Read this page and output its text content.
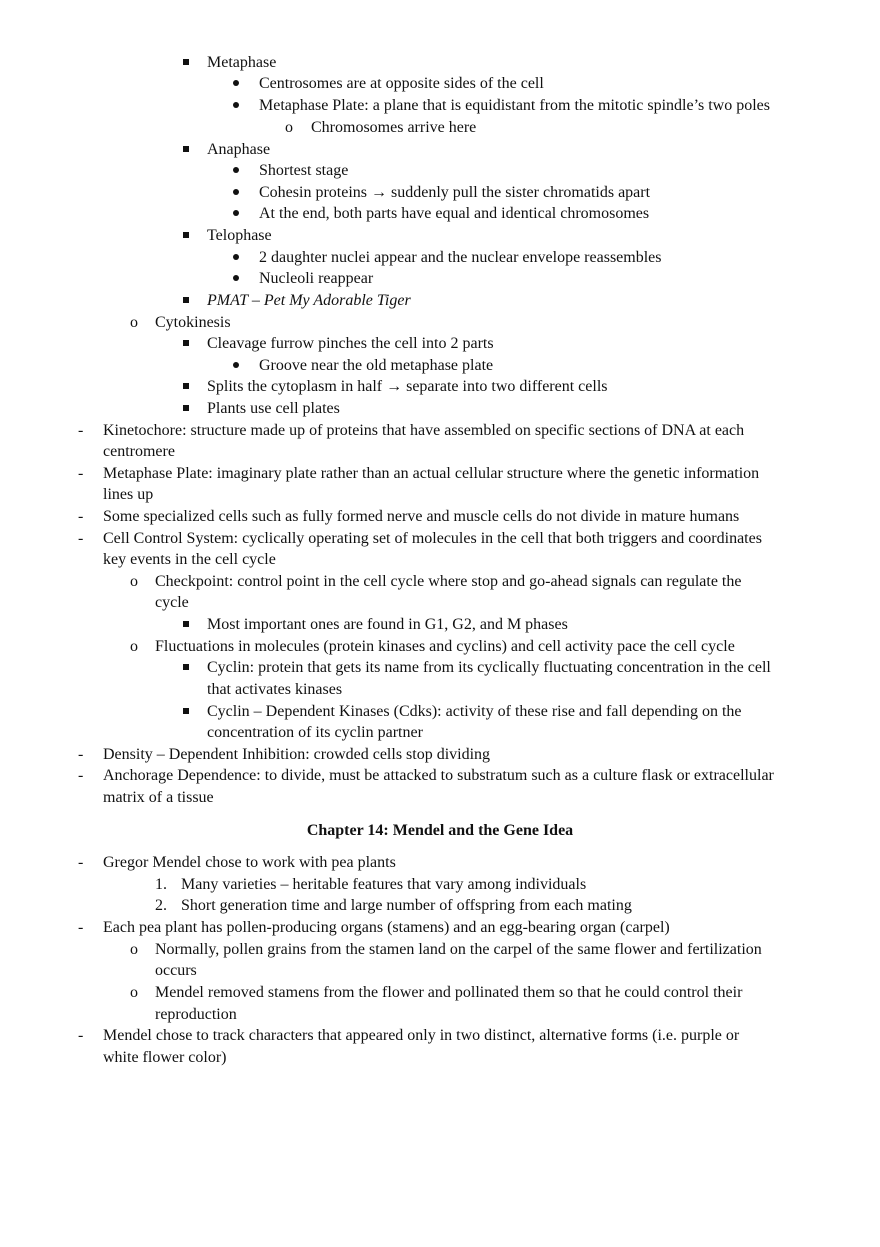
Metaphase
Centrosomes are at opposite sides of the cell
Metaphase Plate: a plane that is equidistant from the mitotic spindle’s two poles
o Chromosomes arrive here
Anaphase
Shortest stage
Cohesin proteins → suddenly pull the sister chromatids apart
At the end, both parts have equal and identical chromosomes
Telophase
2 daughter nuclei appear and the nuclear envelope reassembles
Nucleoli reappear
PMAT – Pet My Adorable Tiger
o Cytokinesis
Cleavage furrow pinches the cell into 2 parts
Groove near the old metaphase plate
Splits the cytoplasm in half → separate into two different cells
Plants use cell plates
- Kinetochore: structure made up of proteins that have assembled on specific sections of DNA at each
centromere
- Metaphase Plate: imaginary plate rather than an actual cellular structure where the genetic information
lines up
- Some specialized cells such as fully formed nerve and muscle cells do not divide in mature humans
- Cell Control System: cyclically operating set of molecules in the cell that both triggers and coordinates
key events in the cell cycle
o Checkpoint: control point in the cell cycle where stop and go-ahead signals can regulate the
cycle
Most important ones are found in G1, G2, and M phases
o Fluctuations in molecules (protein kinases and cyclins) and cell activity pace the cell cycle
Cyclin: protein that gets its name from its cyclically fluctuating concentration in the cell
that activates kinases
Cyclin – Dependent Kinases (Cdks): activity of these rise and fall depending on the
concentration of its cyclin partner
- Density – Dependent Inhibition: crowded cells stop dividing
- Anchorage Dependence: to divide, must be attacked to substratum such as a culture flask or extracellular
matrix of a tissue
Chapter 14: Mendel and the Gene Idea
- Gregor Mendel chose to work with pea plants
1. Many varieties – heritable features that vary among individuals
2. Short generation time and large number of offspring from each mating
- Each pea plant has pollen-producing organs (stamens) and an egg-bearing organ (carpel)
o Normally, pollen grains from the stamen land on the carpel of the same flower and fertilization
occurs
o Mendel removed stamens from the flower and pollinated them so that he could control their
reproduction
- Mendel chose to track characters that appeared only in two distinct, alternative forms (i.e. purple or
white flower color)
